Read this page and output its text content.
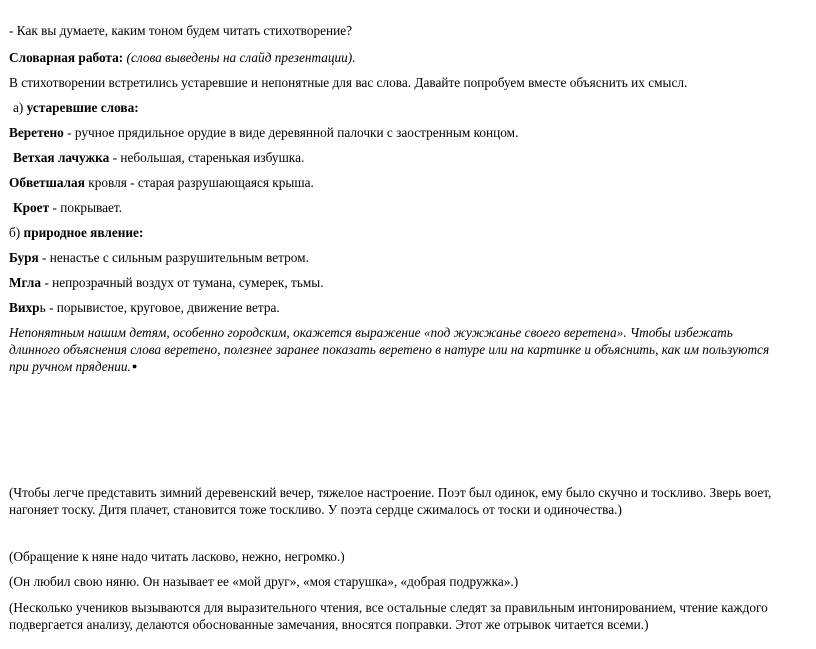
- Как вы думаете, каким тоном будем читать стихотворение?
Словарная работа: (слова выведены на слайд презентации).
В стихотворении встретились устаревшие и непонятные для вас слова. Давайте попробуем вместе объяснить их смысл.
а) устаревшие слова:
Веретено - ручное прядильное орудие в виде деревянной палочки с заостренным концом.
Ветхая лачужка - небольшая, старенькая избушка.
Обветшалая кровля - старая разрушающаяся крыша.
Кроет - покрывает.
б) природное явление:
Буря - ненастье с сильным разрушительным ветром.
Мгла - непрозрачный воздух от тумана, сумерек, тьмы.
Вихрь - порывистое, круговое, движение ветра.
Непонятным нашим детям, особенно городским, окажется выражение «под жужжанье своего веретена». Чтобы избежать длинного объяснения слова веретено, полезнее заранее показать веретено в натуре или на картинке и объяснить, как им пользуются при ручном прядении.●
(Чтобы легче представить зимний деревенский вечер, тяжелое настроение. Поэт был одинок, ему было скучно и тоскливо. Зверь воет, нагоняет тоску. Дитя плачет, становится тоже тоскливо. У поэта сердце сжималось от тоски и одиночества.)
(Обращение к няне надо читать ласково, нежно, негромко.)
(Он любил свою няню. Он называет ее «мой друг», «моя старушка», «добрая подружка».)
(Несколько учеников вызываются для выразительного чтения, все остальные следят за правильным интонированием, чтение каждого подвергается анализу, делаются обоснованные замечания, вносятся поправки. Этот же отрывок читается всеми.)
